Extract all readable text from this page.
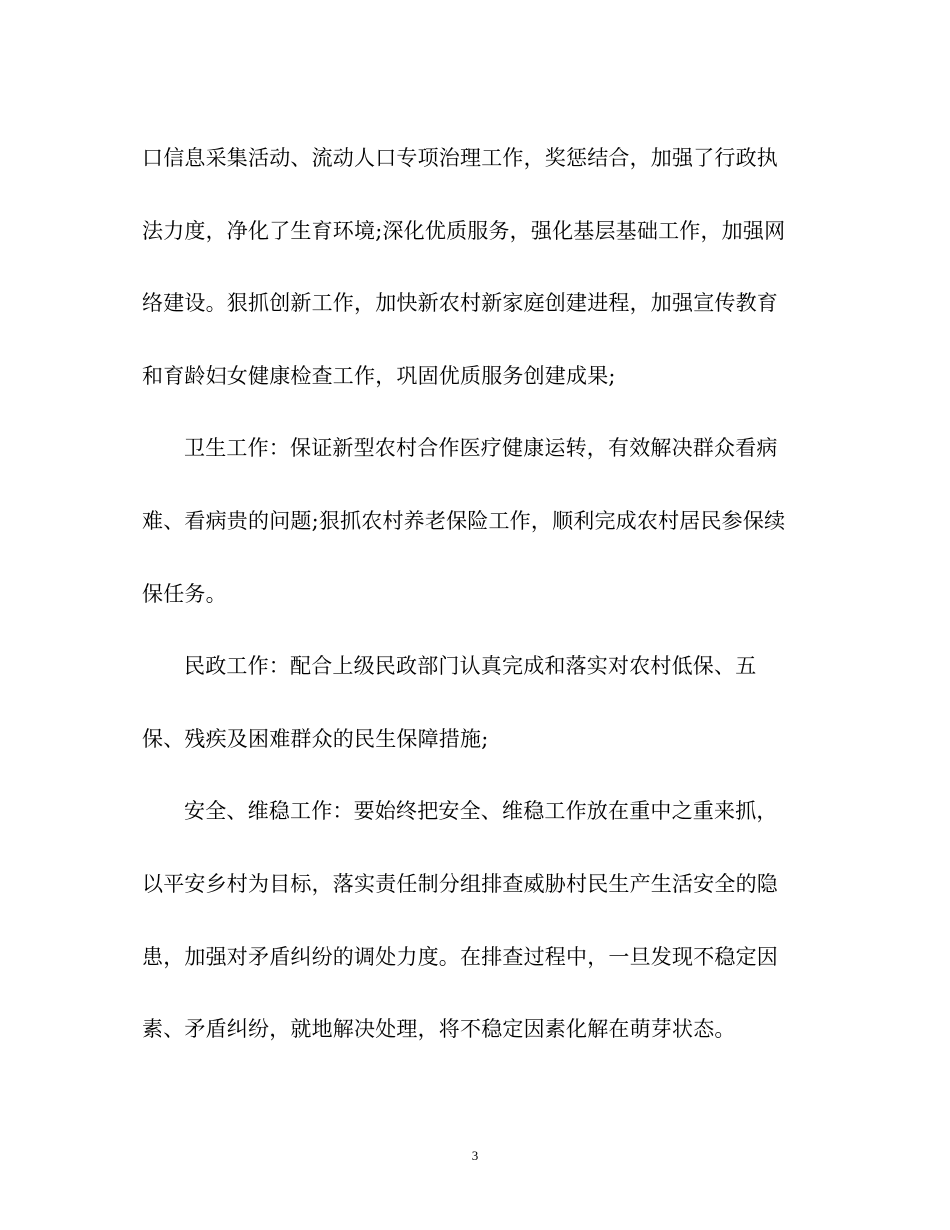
口信息采集活动、流动人口专项治理工作，奖惩结合，加强了行政执
法力度，净化了生育环境;深化优质服务，强化基层基础工作，加强网
络建设。狠抓创新工作，加快新农村新家庭创建进程，加强宣传教育
和育龄妇女健康检查工作，巩固优质服务创建成果;
卫生工作：保证新型农村合作医疗健康运转，有效解决群众看病
难、看病贵的问题;狠抓农村养老保险工作，顺利完成农村居民参保续
保任务。
民政工作：配合上级民政部门认真完成和落实对农村低保、五
保、残疾及困难群众的民生保障措施;
安全、维稳工作：要始终把安全、维稳工作放在重中之重来抓，
以平安乡村为目标，落实责任制分组排查威胁村民生产生活安全的隐
患，加强对矛盾纠纷的调处力度。在排查过程中，一旦发现不稳定因
素、矛盾纠纷，就地解决处理，将不稳定因素化解在萌芽状态。
3
